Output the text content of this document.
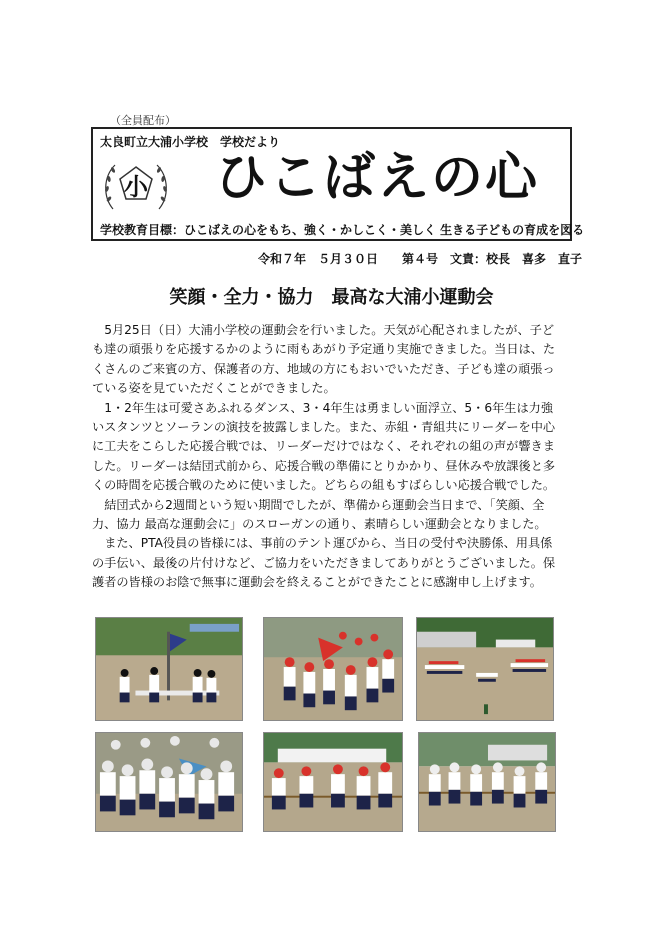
（全員配布）
太良町立大浦小学校　学校だより
小 ひこばえの心
学校教育目標：ひこばえの心をもち、強く・かしこく・美しく 生きる子どもの育成を図る
令和７年　５月３０日　　第４号　文責：校長　喜多　直子
笑顔・全力・協力　最高な大浦小運動会

5月25日（日）大浦小学校の運動会を行いました。天気が心配されましたが、子ども達の頑張りを応援するかのように雨もあがり予定通り実施できました。当日は、たくさんのご来賓の方、保護者の方、地域の方にもおいでいただき、子ども達の頑張っている姿を見ていただくことができました。

1・2年生は可愛さあふれるダンス、3・4年生は勇ましい面浮立、5・6年生は力強いスタンツとソーランの演技を披露しました。また、赤組・青組共にリーダーを中心に工夫をこらした応援合戦では、リーダーだけではなく、それぞれの組の声が響きました。リーダーは結団式前から、応援合戦の準備にとりかかり、昼休みや放課後と多くの時間を応援合戦のために使いました。どちらの組もすばらしい応援合戦でした。

結団式から2週間という短い期間でしたが、準備から運動会当日まで、「笑顔、全力、協力 最高な運動会に」のスローガンの通り、素晴らしい運動会となりました。

また、PTA役員の皆様には、事前のテント運びから、当日の受付や決勝係、用具係の手伝い、最後の片付けなど、ご協力をいただきましてありがとうございました。保護者の皆様のお陰で無事に運動会を終えることができたことに感謝申し上げます。
